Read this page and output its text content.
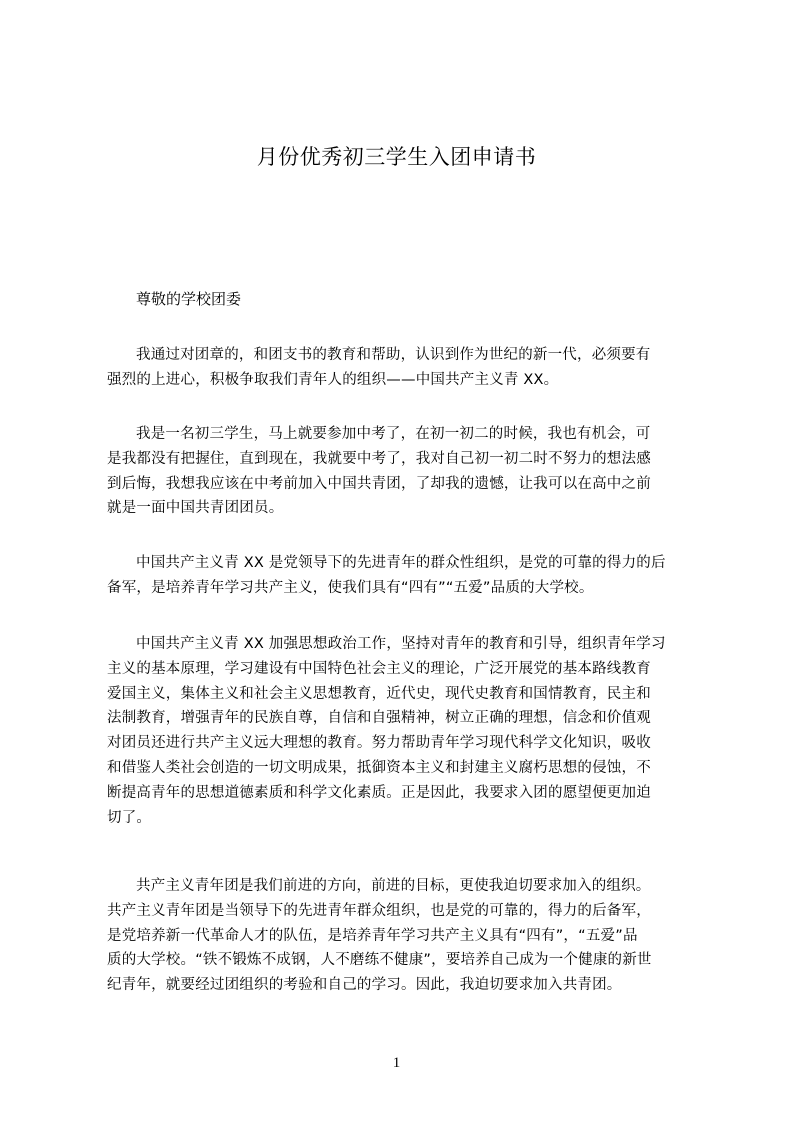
月份优秀初三学生入团申请书

尊敬的学校团委

我通过对团章的，和团支书的教育和帮助，认识到作为世纪的新一代，必须要有
强烈的上进心，积极争取我们青年人的组织——中国共产主义青 XX。

我是一名初三学生，马上就要参加中考了，在初一初二的时候，我也有机会，可
是我都没有把握住，直到现在，我就要中考了，我对自己初一初二时不努力的想法感
到后悔，我想我应该在中考前加入中国共青团，了却我的遗憾，让我可以在高中之前
就是一面中国共青团团员。

中国共产主义青 XX 是党领导下的先进青年的群众性组织，是党的可靠的得力的后
备军，是培养青年学习共产主义，使我们具有“四有”“五爱”品质的大学校。

中国共产主义青 XX 加强思想政治工作，坚持对青年的教育和引导，组织青年学习
主义的基本原理，学习建设有中国特色社会主义的理论，广泛开展党的基本路线教育
爱国主义，集体主义和社会主义思想教育，近代史，现代史教育和国情教育，民主和
法制教育，增强青年的民族自尊，自信和自强精神，树立正确的理想，信念和价值观
对团员还进行共产主义远大理想的教育。努力帮助青年学习现代科学文化知识，吸收
和借鉴人类社会创造的一切文明成果，抵御资本主义和封建主义腐朽思想的侵蚀，不
断提高青年的思想道德素质和科学文化素质。正是因此，我要求入团的愿望便更加迫
切了。

共产主义青年团是我们前进的方向，前进的目标，更使我迫切要求加入的组织。
共产主义青年团是当领导下的先进青年群众组织，也是党的可靠的，得力的后备军，
是党培养新一代革命人才的队伍，是培养青年学习共产主义具有“四有”，“五爱”品
质的大学校。“铁不锻炼不成钢，人不磨练不健康”，要培养自己成为一个健康的新世
纪青年，就要经过团组织的考验和自己的学习。因此，我迫切要求加入共青团。

1
